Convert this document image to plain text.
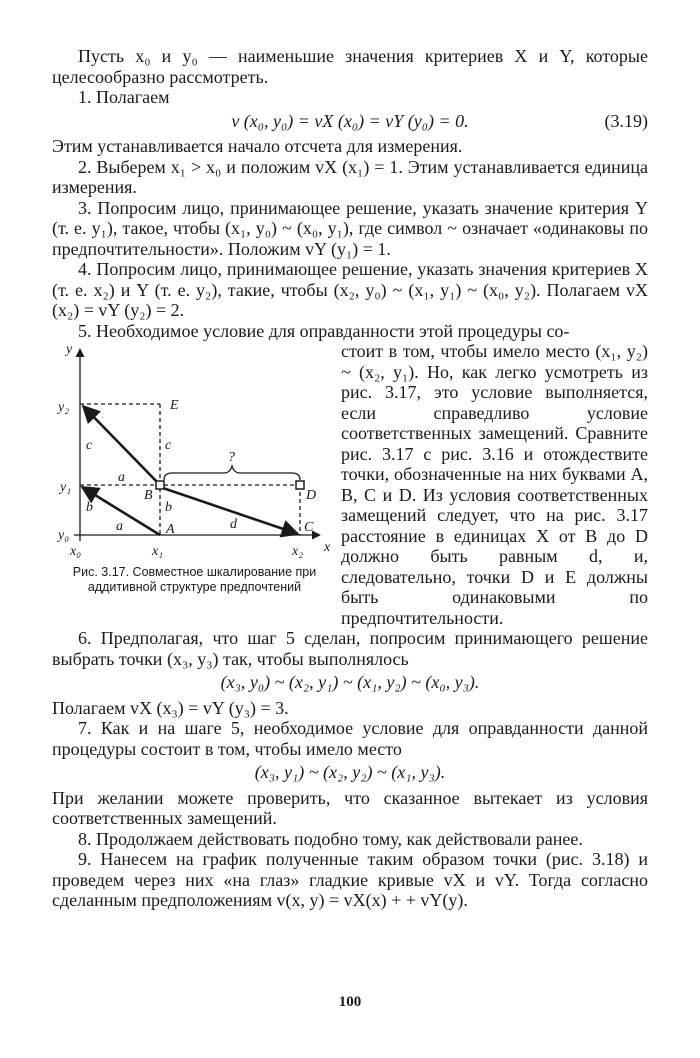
Пусть x₀ и y₀ — наименьшие значения критериев X и Y, которые целесообразно рассмотреть.

1. Полагаем

v (x₀, y₀) = vX (x₀) = vY (y₀) = 0.	(3.19)

Этим устанавливается начало отсчета для измерения.

2. Выберем x₁ > x₀ и положим vX (x₁) = 1. Этим устанавливается единица измерения.

3. Попросим лицо, принимающее решение, указать значение критерия Y (т. е. y₁), такое, чтобы (x₁, y₀) ~ (x₀, y₁), где символ ~ означает «одинаковы по предпочтительности». Положим vY (y₁) = 1.

4. Попросим лицо, принимающее решение, указать значения критериев X (т. е. x₂) и Y (т. е. y₂), такие, чтобы (x₂, y₀) ~ (x₁, y₁) ~ (x₀, y₂). Полагаем vX (x₂) = vY (y₂) = 2.

5. Необходимое условие для оправданности этой процедуры со-

y
x
y₂
y₁
y₀
x₀	x₁	x₂
A
B
C
D
E
a
a
b	b
c	c
d
?
Рис. 3.17. Совместное шкалирование при аддитивной структуре предпочтений

стоит в том, чтобы имело место (x₁, y₂) ~ (x₂, y₁). Но, как легко усмотреть из рис. 3.17, это условие выполняется, если справедливо условие соответственных замещений. Сравните рис. 3.17 с рис. 3.16 и отождествите точки, обозначенные на них буквами A, B, C и D. Из условия соответственных замещений следует, что на рис. 3.17 расстояние в единицах X от B до D должно быть равным d, и, следовательно, точки D и E должны быть одинаковыми по предпочтительности.

6. Предполагая, что шаг 5 сделан, попросим принимающего решение выбрать точки (x₃, y₃) так, чтобы выполнялось

(x₃, y₀) ~ (x₂, y₁) ~ (x₁, y₂) ~ (x₀, y₃).

Полагаем vX (x₃) = vY (y₃) = 3.

7. Как и на шаге 5, необходимое условие для оправданности данной процедуры состоит в том, чтобы имело место

(x₃, y₁) ~ (x₂, y₂) ~ (x₁, y₃).

При желании можете проверить, что сказанное вытекает из условия соответственных замещений.

8. Продолжаем действовать подобно тому, как действовали ранее.

9. Нанесем на график полученные таким образом точки (рис. 3.18) и проведем через них «на глаз» гладкие кривые vX и vY. Тогда согласно сделанным предположениям v(x, y) = vX(x) + + vY(y).

100
